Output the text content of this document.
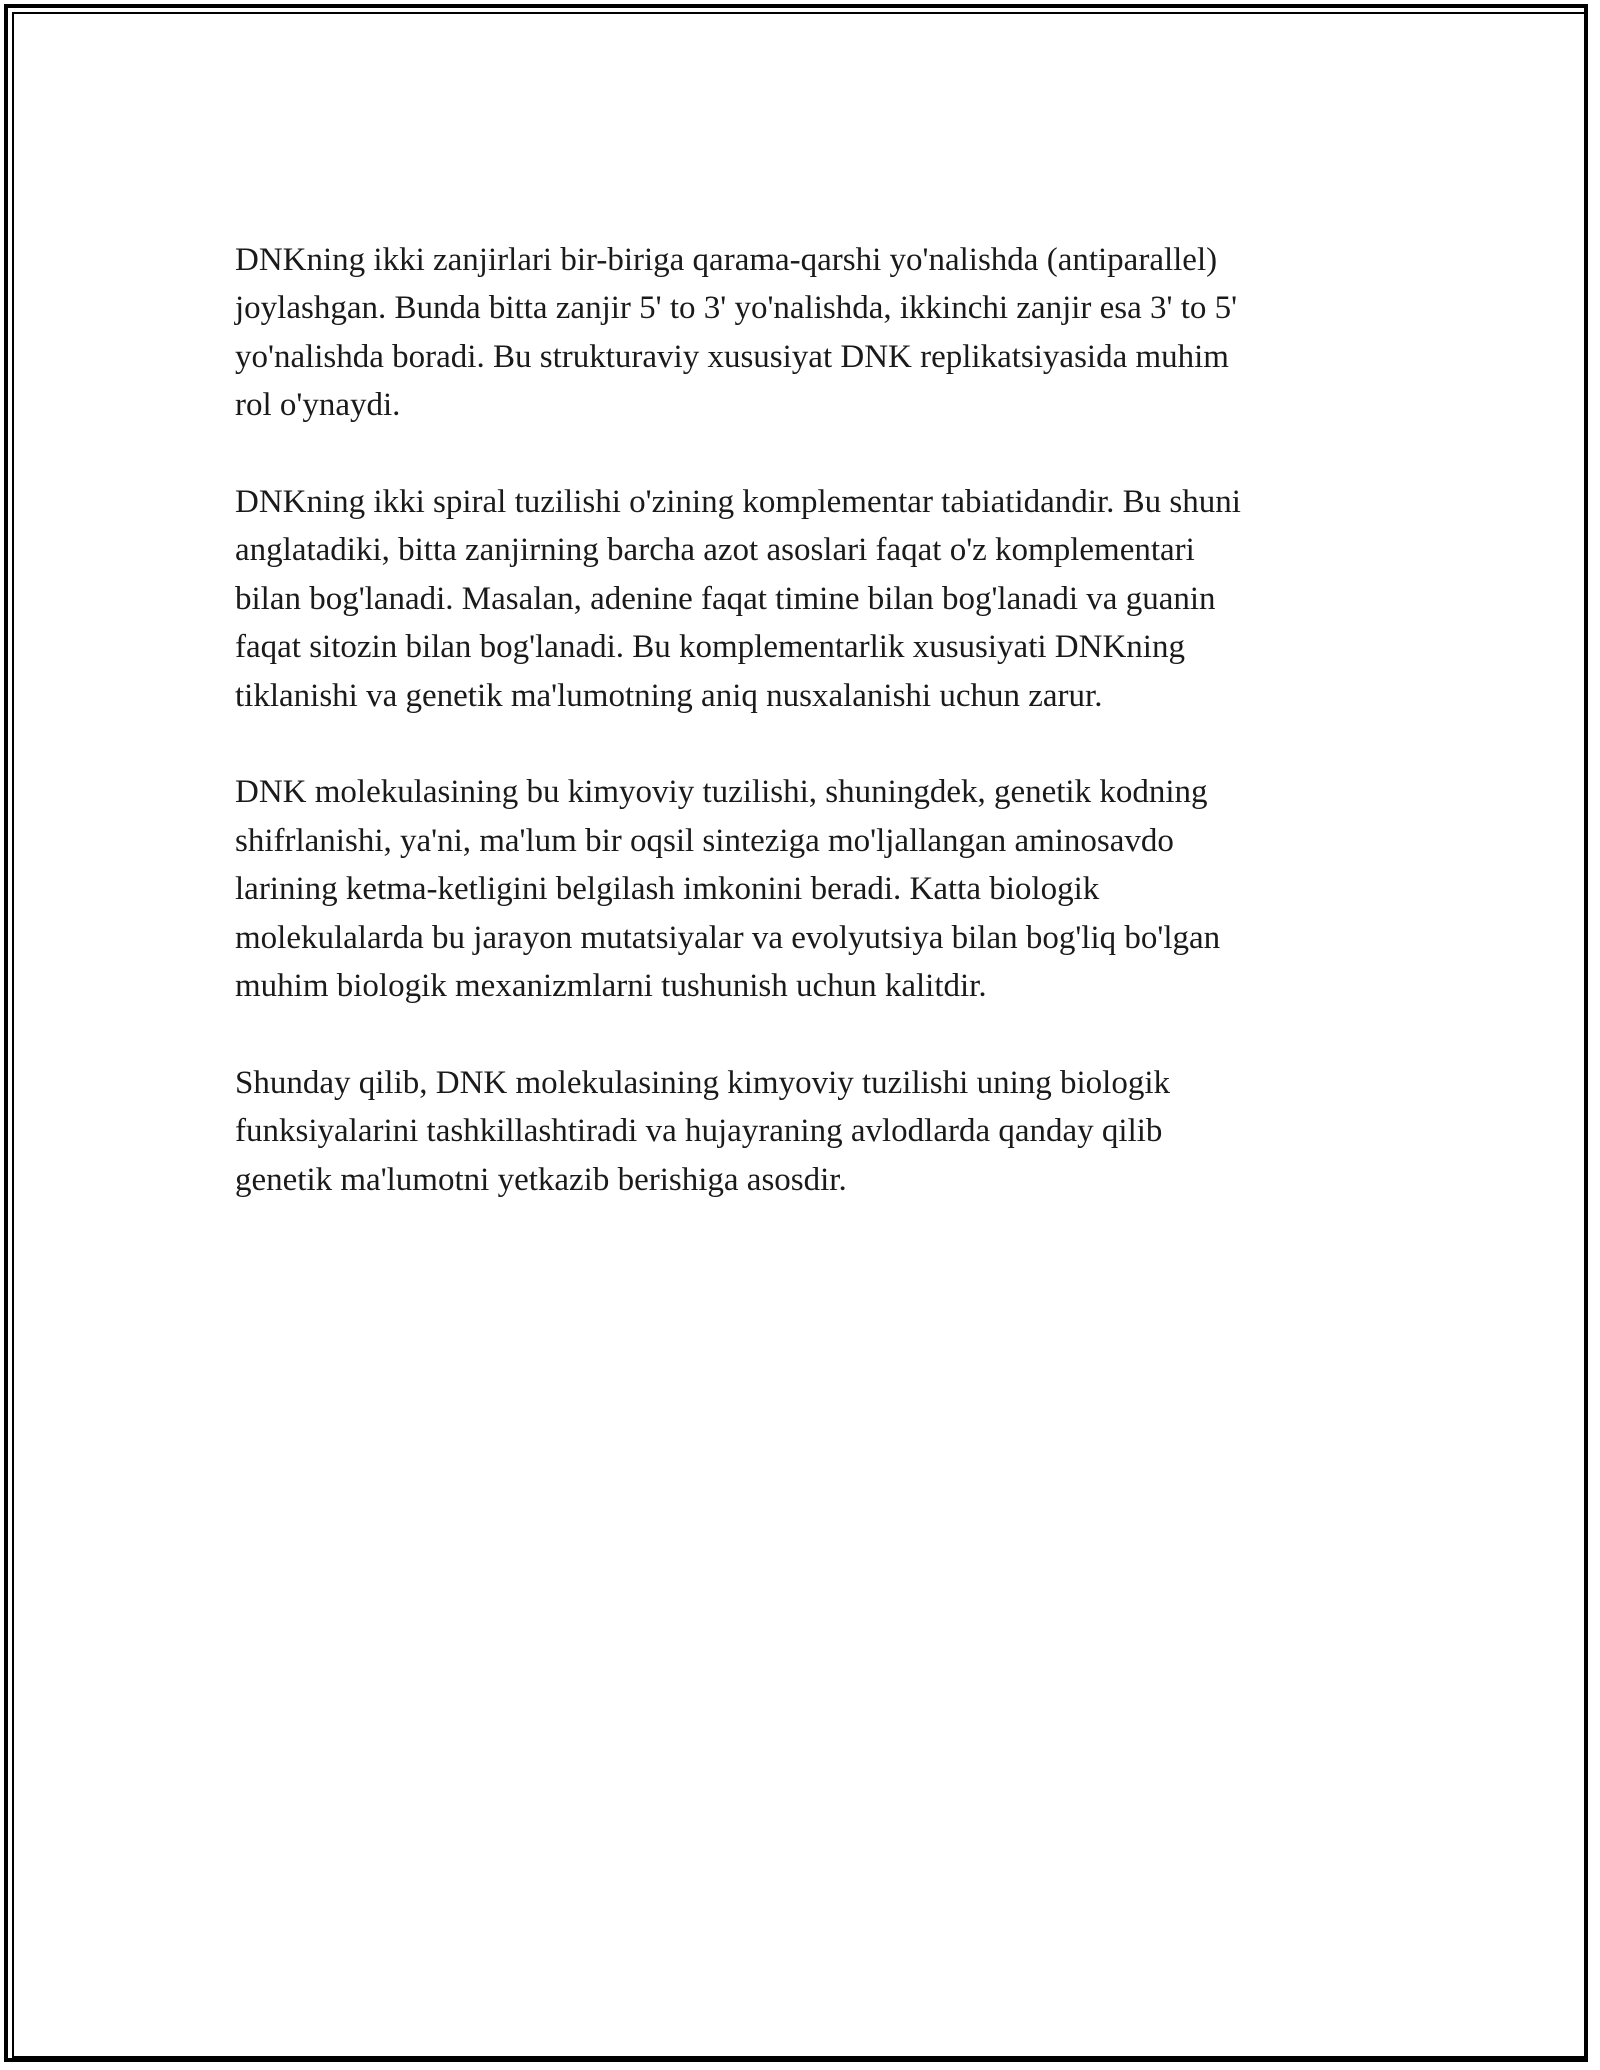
DNKning ikki zanjirlari bir-biriga qarama-qarshi yo'nalishda (antiparallel)
joylashgan. Bunda bitta zanjir 5' to 3' yo'nalishda, ikkinchi zanjir esa 3' to 5'
yo'nalishda boradi. Bu strukturaviy xususiyat DNK replikatsiyasida muhim
rol o'ynaydi.

DNKning ikki spiral tuzilishi o'zining komplementar tabiatidandir. Bu shuni
anglatadiki, bitta zanjirning barcha azot asoslari faqat o'z komplementari
bilan bog'lanadi. Masalan, adenine faqat timine bilan bog'lanadi va guanin
faqat sitozin bilan bog'lanadi. Bu komplementarlik xususiyati DNKning
tiklanishi va genetik ma'lumotning aniq nusxalanishi uchun zarur.

DNK molekulasining bu kimyoviy tuzilishi, shuningdek, genetik kodning
shifrlanishi, ya'ni, ma'lum bir oqsil sinteziga mo'ljallangan aminosavdo
larining ketma-ketligini belgilash imkonini beradi. Katta biologik
molekulalarda bu jarayon mutatsiyalar va evolyutsiya bilan bog'liq bo'lgan
muhim biologik mexanizmlarni tushunish uchun kalitdir.

Shunday qilib, DNK molekulasining kimyoviy tuzilishi uning biologik
funksiyalarini tashkillashtiradi va hujayraning avlodlarda qanday qilib
genetik ma'lumotni yetkazib berishiga asosdir.
